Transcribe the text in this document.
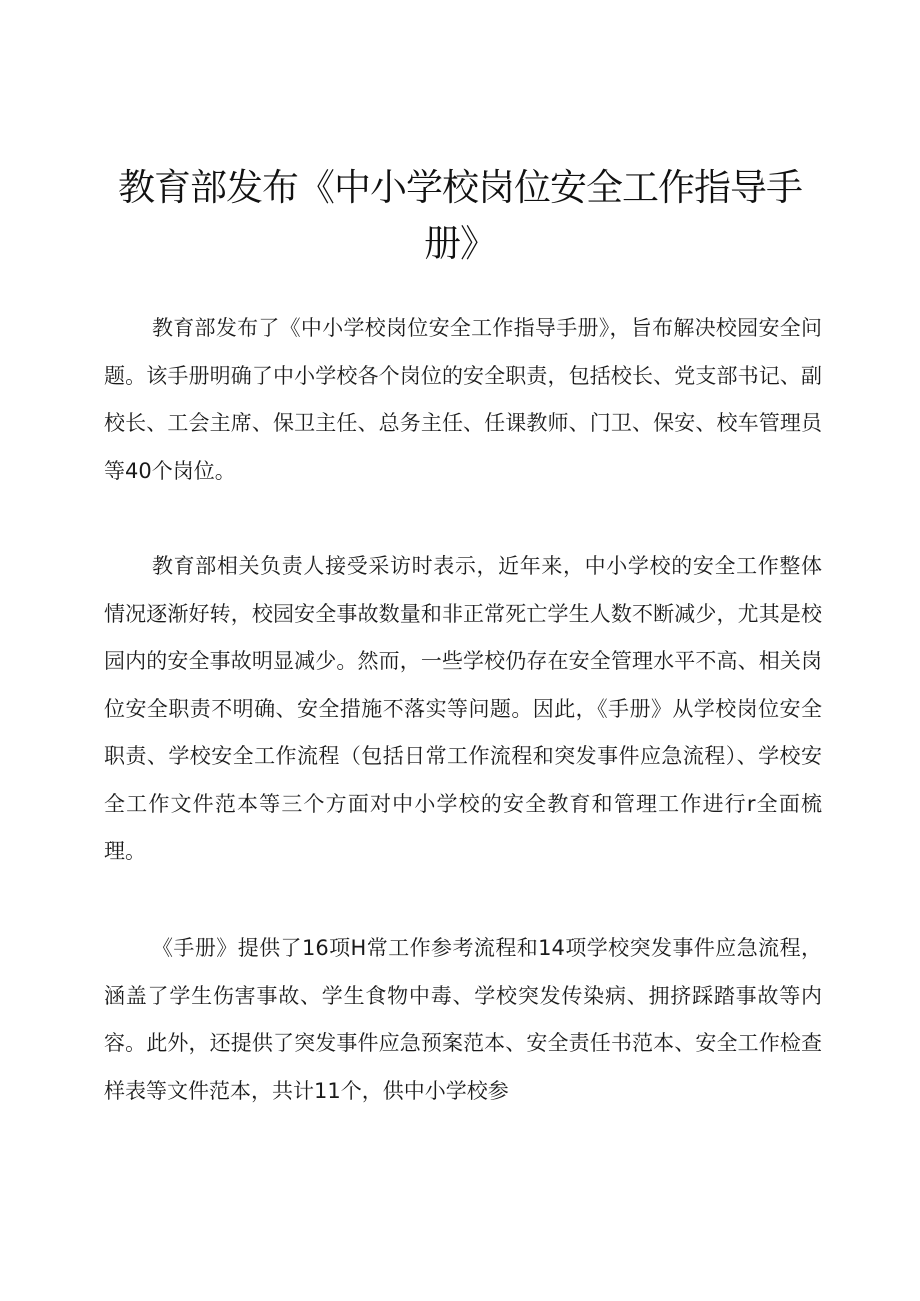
教育部发布《中小学校岗位安全工作指导手册》

教育部发布了《中小学校岗位安全工作指导手册》，旨布解决校园安全问题。该手册明确了中小学校各个岗位的安全职责，包括校长、党支部书记、副校长、工会主席、保卫主任、总务主任、任课教师、门卫、保安、校车管理员等40个岗位。

教育部相关负责人接受采访时表示，近年来，中小学校的安全工作整体情况逐渐好转，校园安全事故数量和非正常死亡学生人数不断减少，尤其是校园内的安全事故明显减少。然而，一些学校仍存在安全管理水平不高、相关岗位安全职责不明确、安全措施不落实等问题。因此，《手册》从学校岗位安全职责、学校安全工作流程（包括日常工作流程和突发事件应急流程）、学校安全工作文件范本等三个方面对中小学校的安全教育和管理工作进行r全面梳理。

《手册》提供了16项H常工作参考流程和14项学校突发事件应急流程，涵盖了学生伤害事故、学生食物中毒、学校突发传染病、拥挤踩踏事故等内容。此外，还提供了突发事件应急预案范本、安全责任书范本、安全工作检查样表等文件范本，共计11个，供中小学校参
